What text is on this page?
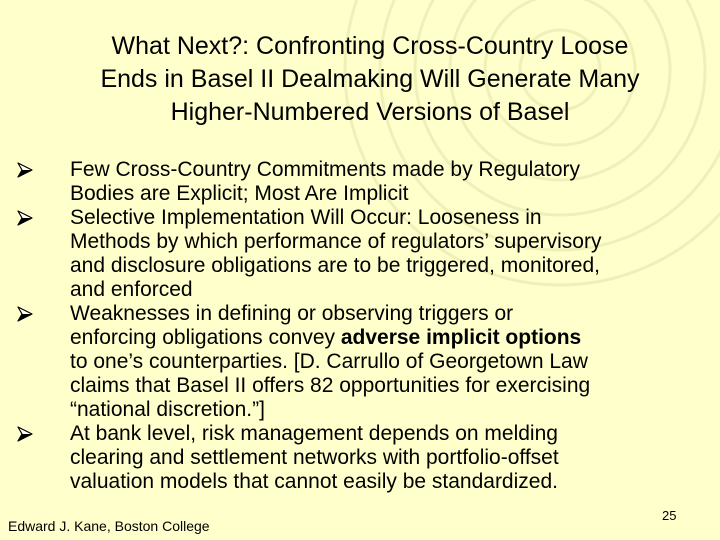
What Next?: Confronting Cross-Country Loose
Ends in Basel II Dealmaking Will Generate Many
Higher-Numbered Versions of Basel
Few Cross-Country Commitments made by Regulatory
Bodies are Explicit; Most Are Implicit
Selective Implementation Will Occur: Looseness in
Methods by which performance of regulators’ supervisory
and disclosure obligations are to be triggered, monitored,
and enforced
Weaknesses in defining or observing triggers or
enforcing obligations convey adverse implicit options
to one’s counterparties. [D. Carrullo of Georgetown Law
claims that Basel II offers 82 opportunities for exercising
“national discretion.”]
At bank level, risk management depends on melding
clearing and settlement networks with portfolio-offset
valuation models that cannot easily be standardized.
Edward J. Kane, Boston College
25
